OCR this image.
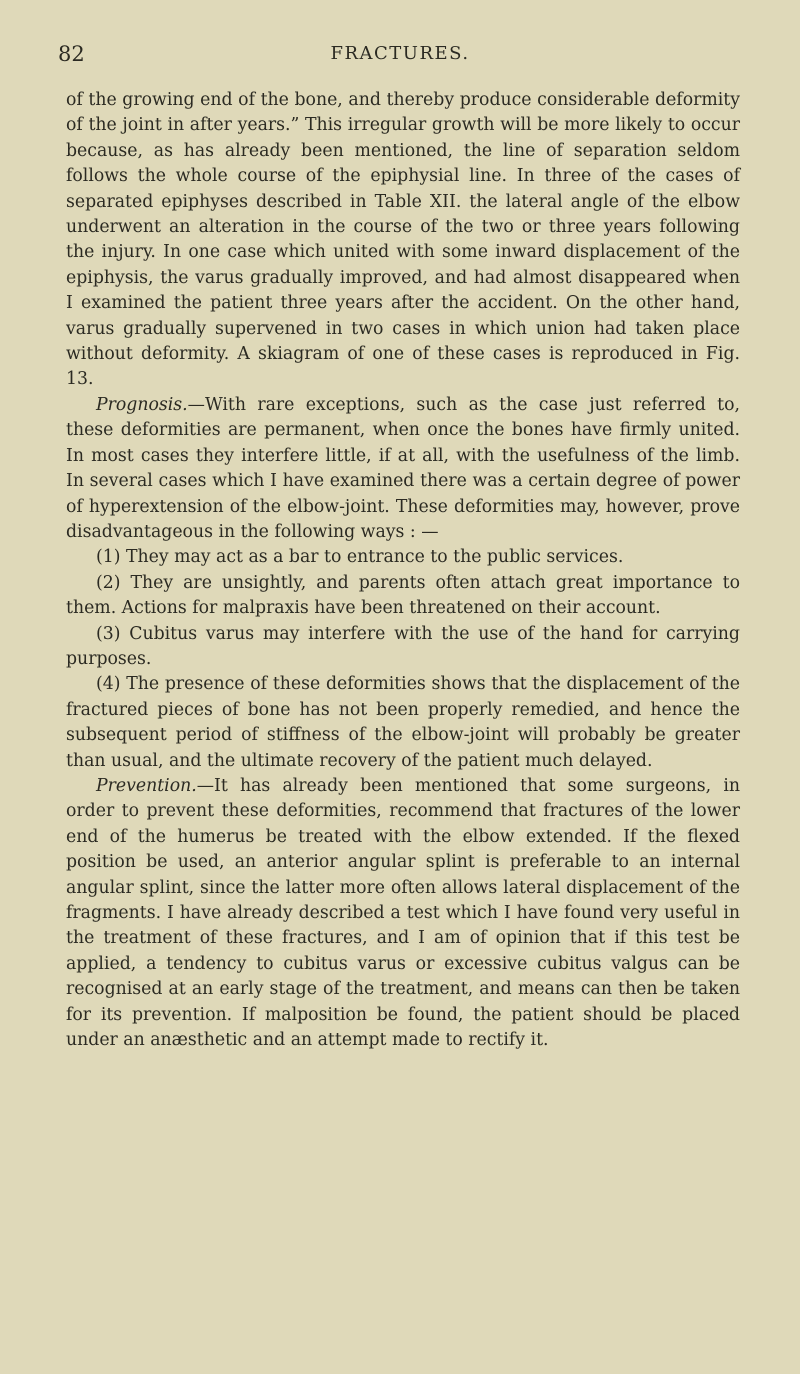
82	FRACTURES.

of the growing end of the bone, and thereby produce considerable deformity of the joint in after years.” This irregular growth will be more likely to occur because, as has already been mentioned, the line of separation seldom follows the whole course of the epiphysial line. In three of the cases of separated epiphyses described in Table XII. the lateral angle of the elbow underwent an alteration in the course of the two or three years following the injury. In one case which united with some inward displacement of the epiphysis, the varus gradually improved, and had almost disappeared when I examined the patient three years after the accident. On the other hand, varus gradually supervened in two cases in which union had taken place without deformity. A skiagram of one of these cases is reproduced in Fig. 13.

Prognosis.—With rare exceptions, such as the case just referred to, these deformities are permanent, when once the bones have firmly united. In most cases they interfere little, if at all, with the usefulness of the limb. In several cases which I have examined there was a certain degree of power of hyperextension of the elbow-joint. These deformities may, however, prove disadvantageous in the following ways : —

(1) They may act as a bar to entrance to the public services.

(2) They are unsightly, and parents often attach great importance to them. Actions for malpraxis have been threatened on their account.

(3) Cubitus varus may interfere with the use of the hand for carrying purposes.

(4) The presence of these deformities shows that the displacement of the fractured pieces of bone has not been properly remedied, and hence the subsequent period of stiffness of the elbow-joint will probably be greater than usual, and the ultimate recovery of the patient much delayed.

Prevention.—It has already been mentioned that some surgeons, in order to prevent these deformities, recommend that fractures of the lower end of the humerus be treated with the elbow extended. If the flexed position be used, an anterior angular splint is preferable to an internal angular splint, since the latter more often allows lateral displacement of the fragments. I have already described a test which I have found very useful in the treatment of these fractures, and I am of opinion that if this test be applied, a tendency to cubitus varus or excessive cubitus valgus can be recognised at an early stage of the treatment, and means can then be taken for its prevention. If malposition be found, the patient should be placed under an anæsthetic and an attempt made to rectify it.
